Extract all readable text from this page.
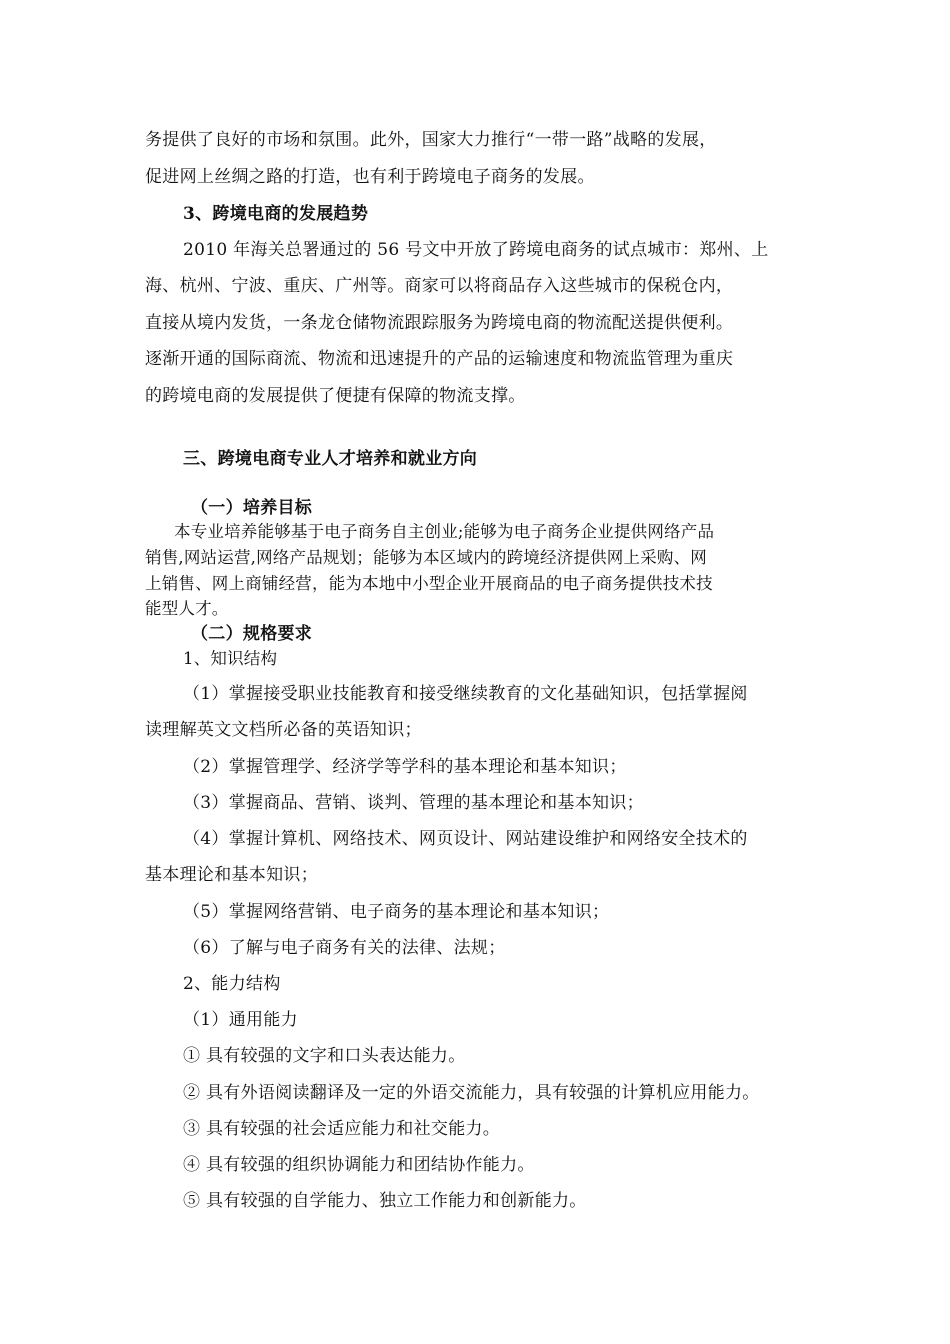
务提供了良好的市场和氛围。此外，国家大力推行“一带一路”战略的发展，
促进网上丝绸之路的打造，也有利于跨境电子商务的发展。
3、跨境电商的发展趋势
2010 年海关总署通过的 56 号文中开放了跨境电商务的试点城市：郑州、上
海、杭州、宁波、重庆、广州等。商家可以将商品存入这些城市的保税仓内，
直接从境内发货，一条龙仓储物流跟踪服务为跨境电商的物流配送提供便利。
逐渐开通的国际商流、物流和迅速提升的产品的运输速度和物流监管理为重庆
的跨境电商的发展提供了便捷有保障的物流支撑。
三、跨境电商专业人才培养和就业方向
（一）培养目标
本专业培养能够基于电子商务自主创业;能够为电子商务企业提供网络产品
销售,网站运营,网络产品规划；能够为本区域内的跨境经济提供网上采购、网
上销售、网上商铺经营，能为本地中小型企业开展商品的电子商务提供技术技
能型人才。
（二）规格要求
1、知识结构
（1）掌握接受职业技能教育和接受继续教育的文化基础知识，包括掌握阅
读理解英文文档所必备的英语知识；
（2）掌握管理学、经济学等学科的基本理论和基本知识；
（3）掌握商品、营销、谈判、管理的基本理论和基本知识；
（4）掌握计算机、网络技术、网页设计、网站建设维护和网络安全技术的
基本理论和基本知识；
（5）掌握网络营销、电子商务的基本理论和基本知识；
（6）了解与电子商务有关的法律、法规；
2、能力结构
（1）通用能力
① 具有较强的文字和口头表达能力。
② 具有外语阅读翻译及一定的外语交流能力，具有较强的计算机应用能力。
③ 具有较强的社会适应能力和社交能力。
④ 具有较强的组织协调能力和团结协作能力。
⑤ 具有较强的自学能力、独立工作能力和创新能力。
